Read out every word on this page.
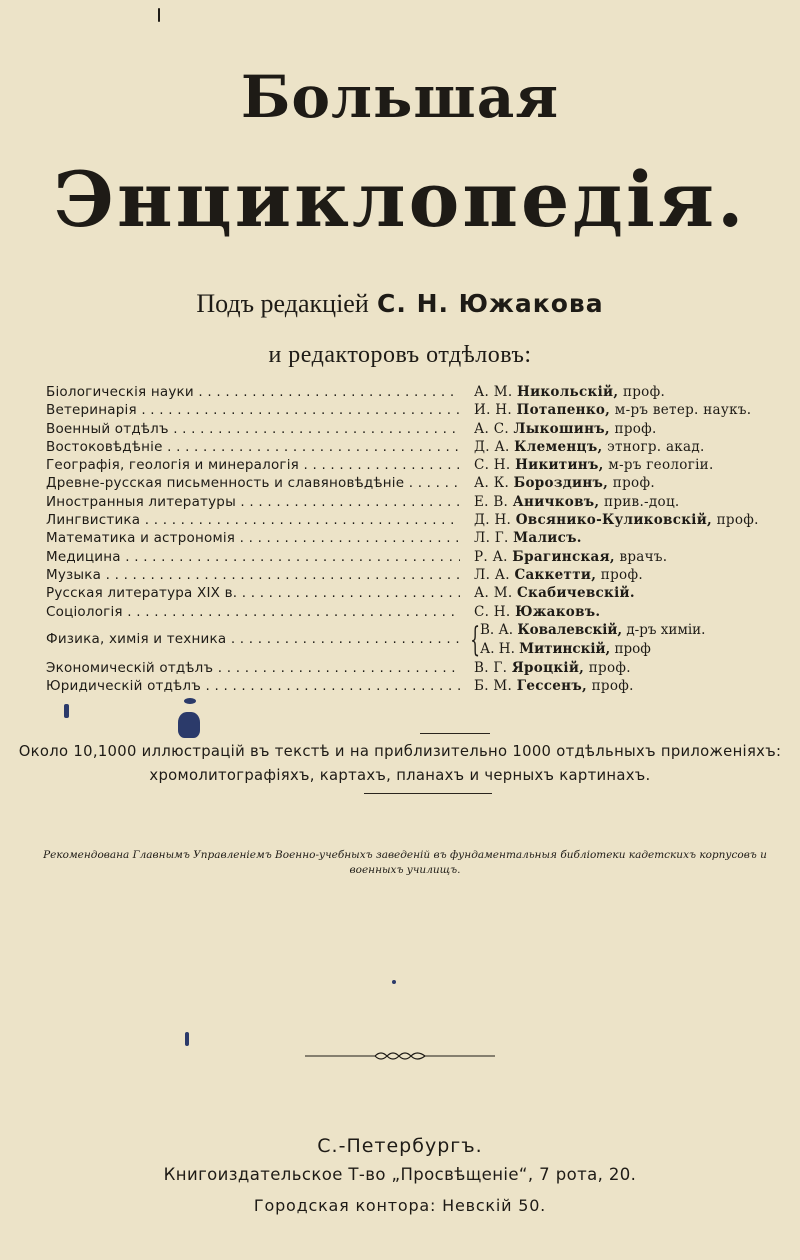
Большая
Энциклопедія.
Подъ редакціей С. Н. Южакова
и редакторовъ отдѣловъ:
Біологическія науки . . .	А. М. Никольскій, проф.
Ветеринарія . . .	И. Н. Потапенко, м-ръ ветер. наукъ.
Военный отдѣлъ . . .	А. С. Лыкошинъ, проф.
Востоковѣдѣніе . . .	Д. А. Клеменцъ, этногр. акад.
Географія, геологія и минералогія . . .	С. Н. Никитинъ, м-ръ геологіи.
Древне-русская письменность и славяновѣдѣніе . . .	А. К. Бороздинъ, проф.
Иностранныя литературы . . .	Е. В. Аничковъ, прив.-доц.
Лингвистика . . .	Д. Н. Овсянико-Куликовскій, проф.
Математика и астрономія . . .	Л. Г. Малисъ.
Медицина . . .	Р. А. Брагинская, врачъ.
Музыка . . .	Л. А. Саккетти, проф.
Русская литература XIX в. . . .	А. М. Скабичевскій.
Соціологія . . .	С. Н. Южаковъ.
Физика, химія и техника . . .	{ В. А. Ковалевскій, д-ръ химіи.
А. Н. Митинскій, проф
Экономическій отдѣлъ . . .	В. Г. Яроцкій, проф.
Юридическій отдѣлъ . . .	Б. М. Гессенъ, проф.
Около 10,1000 иллюстрацій въ текстѣ и на приблизительно 1000 отдѣльныхъ приложеніяхъ:
хромолитографіяхъ, картахъ, планахъ и черныхъ картинахъ.
Рекомендована Главнымъ Управленіемъ Военно-учебныхъ заведеній въ фундаментальныя библіотеки кадетскихъ корпусовъ и военныхъ училищъ.
С.-Петербургъ.
Книгоиздательское Т-во „Просвѣщеніе“, 7 рота, 20.
Городская контора: Невскій 50.
